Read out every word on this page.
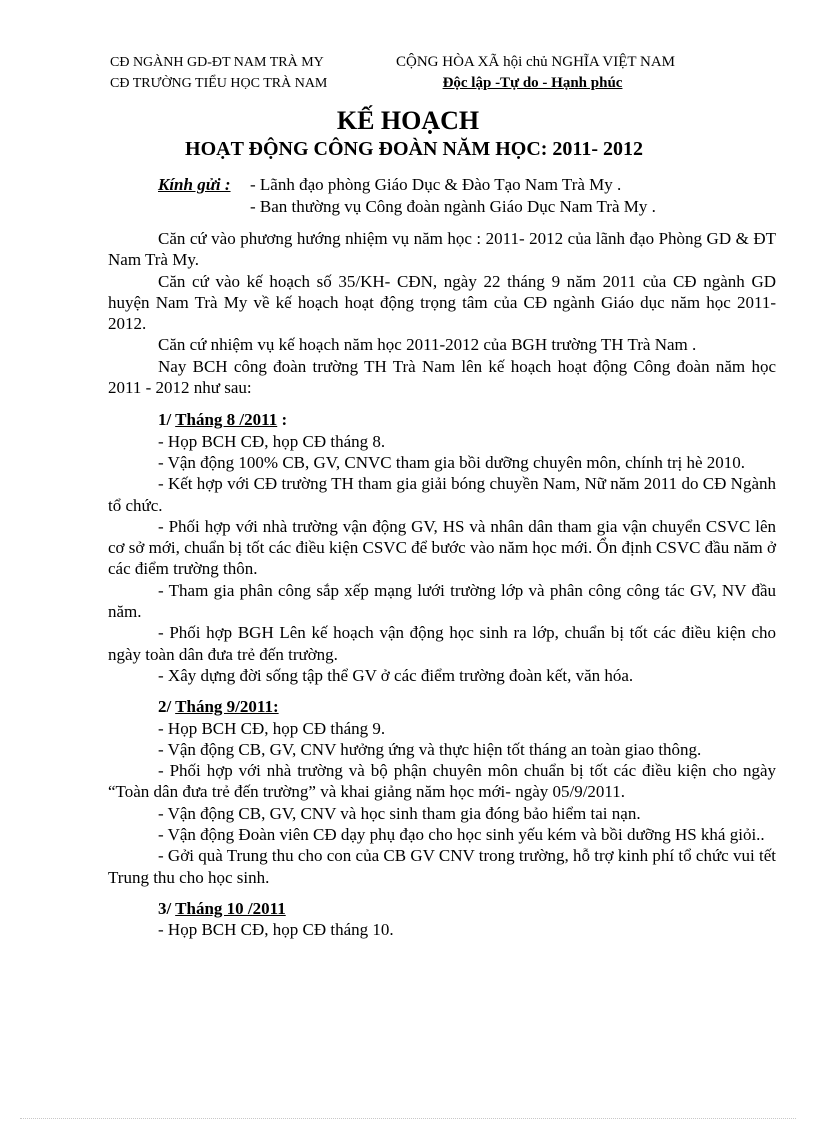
CĐ NGÀNH GD-ĐT NAM TRÀ MY
CĐ TRƯỜNG TIỂU HỌC TRÀ NAM
CỘNG HÒA XÃ hội chủ NGHĨA VIỆT NAM
Độc lập -Tự do - Hạnh phúc
KẾ HOẠCH
HOẠT ĐỘNG CÔNG ĐOÀN NĂM HỌC: 2011- 2012
Kính gửi : - Lãnh đạo phòng Giáo Dục & Đào Tạo Nam Trà My .
- Ban thường vụ Công đoàn ngành Giáo Dục Nam Trà My .

Căn cứ vào phương hướng nhiệm vụ năm học : 2011- 2012 của lãnh đạo Phòng GD & ĐT Nam Trà My.

Căn cứ vào kế hoạch số 35/KH- CĐN, ngày 22 tháng 9 năm 2011 của CĐ ngành GD huyện Nam Trà My về kế hoạch hoạt động trọng tâm của CĐ ngành Giáo dục năm học 2011- 2012.

Căn cứ nhiệm vụ kế hoạch năm học 2011-2012 của BGH trường TH Trà Nam .

Nay BCH công đoàn trường TH Trà Nam lên kế hoạch hoạt động Công đoàn năm học 2011 - 2012 như sau:

1/ Tháng 8 /2011 :

- Họp BCH CĐ, họp CĐ tháng 8.

- Vận động 100% CB, GV, CNVC tham gia bồi dưỡng chuyên môn, chính trị hè 2010.

- Kết hợp với CĐ trường TH tham gia giải bóng chuyền Nam, Nữ năm 2011 do CĐ Ngành tổ chức.

- Phối hợp với nhà trường vận động GV, HS và nhân dân tham gia vận chuyển CSVC lên cơ sở mới, chuẩn bị tốt các điều kiện CSVC để bước vào năm học mới. Ổn định CSVC đầu năm ở các điểm trường thôn.

- Tham gia phân công sắp xếp mạng lưới trường lớp và phân công công tác GV, NV đầu năm.

- Phối hợp BGH Lên kế hoạch vận động học sinh ra lớp, chuẩn bị tốt các điều kiện cho ngày toàn dân đưa trẻ đến trường.

- Xây dựng đời sống tập thể GV ở các điểm trường đoàn kết, văn hóa.

2/ Tháng 9/2011:

- Họp BCH CĐ, họp CĐ tháng 9.

- Vận động CB, GV, CNV hưởng ứng và thực hiện tốt tháng an toàn giao thông.

- Phối hợp với nhà trường và bộ phận chuyên môn chuẩn bị tốt các điều kiện cho ngày “Toàn dân đưa trẻ đến trường” và khai giảng năm học mới- ngày 05/9/2011.

- Vận động CB, GV, CNV và học sinh tham gia đóng bảo hiểm tai nạn.

- Vận động Đoàn viên CĐ dạy phụ đạo cho học sinh yếu kém và bồi dưỡng HS khá giỏi..

- Gởi quà Trung thu cho con của CB GV CNV trong trường, hỗ trợ kinh phí tổ chức vui tết Trung thu cho học sinh.

3/ Tháng 10 /2011

- Họp BCH CĐ, họp CĐ tháng 10.
